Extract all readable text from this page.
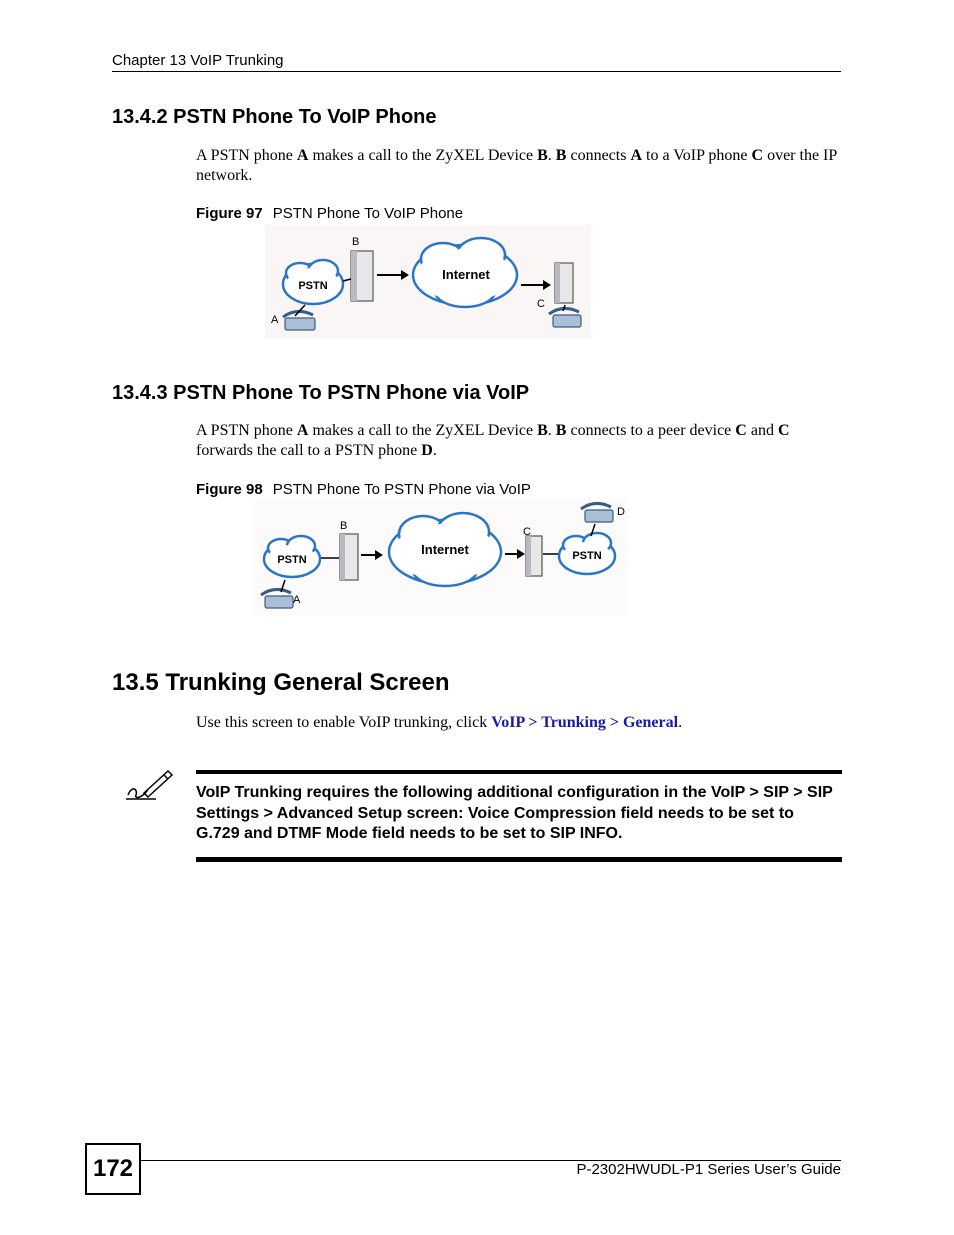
Chapter 13 VoIP Trunking
13.4.2 PSTN Phone To VoIP Phone
A PSTN phone A makes a call to the ZyXEL Device B. B connects A to a VoIP phone C over the IP network.
Figure 97 PSTN Phone To VoIP Phone
PSTN
A
B
Internet
C
13.4.3 PSTN Phone To PSTN Phone via VoIP
A PSTN phone A makes a call to the ZyXEL Device B. B connects to a peer device C and C forwards the call to a PSTN phone D.
Figure 98 PSTN Phone To PSTN Phone via VoIP
PSTN
A
B
Internet
C
PSTN
D
13.5 Trunking General Screen
Use this screen to enable VoIP trunking, click VoIP > Trunking > General.
VoIP Trunking requires the following additional configuration in the VoIP > SIP > SIP Settings > Advanced Setup screen: Voice Compression field needs to be set to G.729 and DTMF Mode field needs to be set to SIP INFO.
172	P-2302HWUDL-P1 Series User’s Guide
